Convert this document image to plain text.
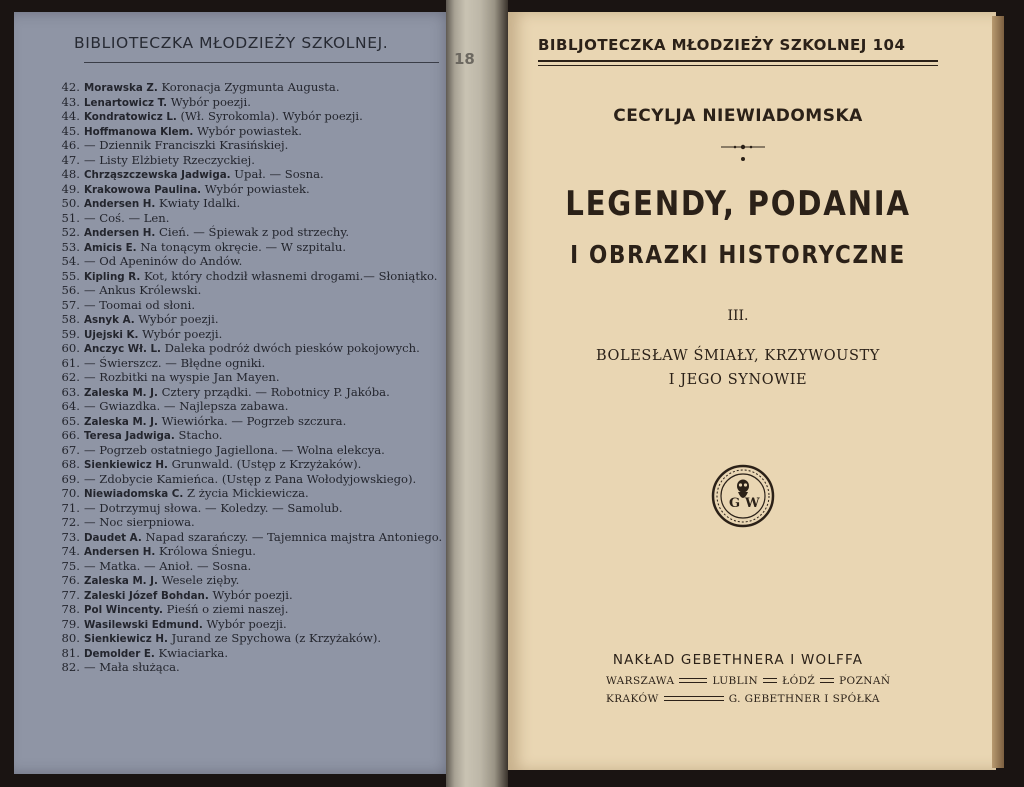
BIBLIOTECZKA MŁODZIEŻY SZKOLNEJ.
42. Morawska Z. Koronacja Zygmunta Augusta.
43. Lenartowicz T. Wybór poezji.
44. Kondratowicz L. (Wł. Syrokomla). Wybór poezji.
45. Hoffmanowa Klem. Wybór powiastek.
46. — Dziennik Franciszki Krasińskiej.
47. — Listy Elżbiety Rzeczyckiej.
48. Chrząszczewska Jadwiga. Upał. — Sosna.
49. Krakowowa Paulina. Wybór powiastek.
50. Andersen H. Kwiaty Idalki.
51. — Coś. — Len.
52. Andersen H. Cień. — Śpiewak z pod strzechy.
53. Amicis E. Na tonącym okręcie. — W szpitalu.
54. — Od Apeninów do Andów.
55. Kipling R. Kot, który chodził własnemi drogami.— Słoniątko.
56. — Ankus Królewski.
57. — Toomai od słoni.
58. Asnyk A. Wybór poezji.
59. Ujejski K. Wybór poezji.
60. Anczyc Wł. L. Daleka podróż dwóch piesków pokojowych.
61. — Świerszcz. — Błędne ogniki.
62. — Rozbitki na wyspie Jan Mayen.
63. Zaleska M. J. Cztery prządki. — Robotnicy P. Jakóba.
64. — Gwiazdka. — Najlepsza zabawa.
65. Zaleska M. J. Wiewiórka. — Pogrzeb szczura.
66. Teresa Jadwiga. Stacho.
67. — Pogrzeb ostatniego Jagiellona. — Wolna elekcya.
68. Sienkiewicz H. Grunwald. (Ustęp z Krzyżaków).
69. — Zdobycie Kamieńca. (Ustęp z Pana Wołodyjowskiego).
70. Niewiadomska C. Z życia Mickiewicza.
71. — Dotrzymuj słowa. — Koledzy. — Samolub.
72. — Noc sierpniowa.
73. Daudet A. Napad szarańczy. — Tajemnica majstra Antoniego.
74. Andersen H. Królowa Śniegu.
75. — Matka. — Anioł. — Sosna.
76. Zaleska M. J. Wesele zięby.
77. Zaleski Józef Bohdan. Wybór poezji.
78. Pol Wincenty. Pieśń o ziemi naszej.
79. Wasilewski Edmund. Wybór poezji.
80. Sienkiewicz H. Jurand ze Spychowa (z Krzyżaków).
81. Demolder E. Kwiaciarka.
82. — Mała służąca.
18
BIBLJOTECZKA MŁODZIEŻY SZKOLNEJ 104
CECYLJA NIEWIADOMSKA
LEGENDY, PODANIA
I OBRAZKI HISTORYCZNE
III.
BOLESŁAW ŚMIAŁY, KRZYWOUSTY
I JEGO SYNOWIE
G W
NAKŁAD GEBETHNERA I WOLFFA
WARSZAWA	LUBLIN ŁÓDŹ POZNAŃ
KRAKÓW	G. GEBETHNER I SPÓŁKA
